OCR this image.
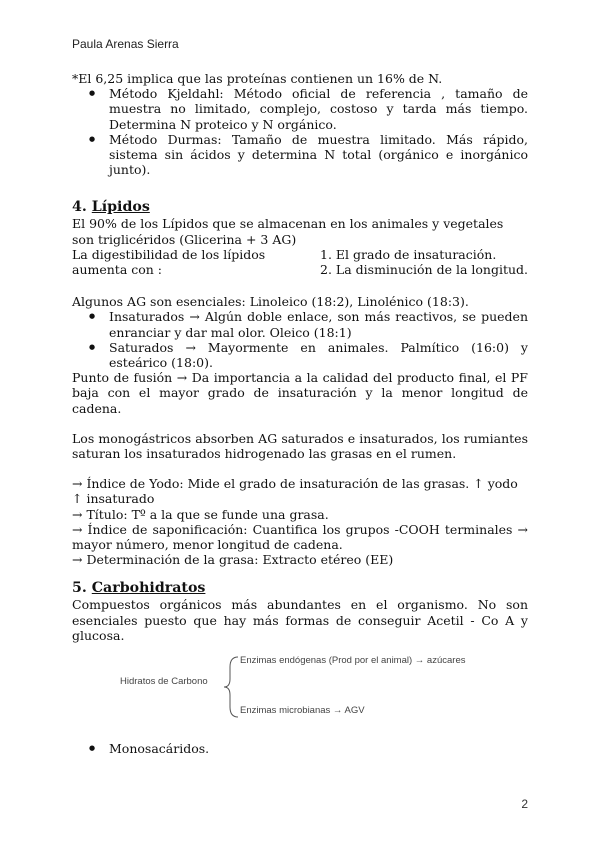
Paula Arenas Sierra

*El 6,25 implica que las proteínas contienen un 16% de N.

● Método Kjeldahl: Método oficial de referencia , tamaño de muestra no limitado, complejo, costoso y tarda más tiempo. Determina N proteico y N orgánico.
● Método Durmas: Tamaño de muestra limitado. Más rápido, sistema sin ácidos y determina N total (orgánico e inorgánico junto).
4. Lípidos

El 90% de los Lípidos que se almacenan en los animales y vegetales son triglicéridos (Glicerina + 3 AG)

La digestibilidad de los lípidos aumenta con :
1. El grado de insaturación.
2. La disminución de la longitud.

Algunos AG son esenciales: Linoleico (18:2), Linolénico (18:3).

● Insaturados → Algún doble enlace, son más reactivos, se pueden enranciar y dar mal olor. Oleico (18:1)
● Saturados → Mayormente en animales. Palmítico (16:0) y esteárico (18:0).

Punto de fusión → Da importancia a la calidad del producto final, el PF baja con el mayor grado de insaturación y la menor longitud de cadena.

Los monogástricos absorben AG saturados e insaturados, los rumiantes saturan los insaturados hidrogenado las grasas en el rumen.

→ Índice de Yodo: Mide el grado de insaturación de las grasas. ↑ yodo ↑ insaturado

→ Título: Tº a la que se funde una grasa.

→ Índice de saponificación: Cuantifica los grupos -COOH terminales → mayor número, menor longitud de cadena.

→ Determinación de la grasa: Extracto etéreo (EE)

5. Carbohidratos

Compuestos orgánicos más abundantes en el organismo. No son esenciales puesto que hay más formas de conseguir Acetil - Co A y glucosa.

Hidratos de Carbono
Enzimas endógenas (Prod por el animal) → azúcares
Enzimas microbianas → AGV
● Monosacáridos.
2
